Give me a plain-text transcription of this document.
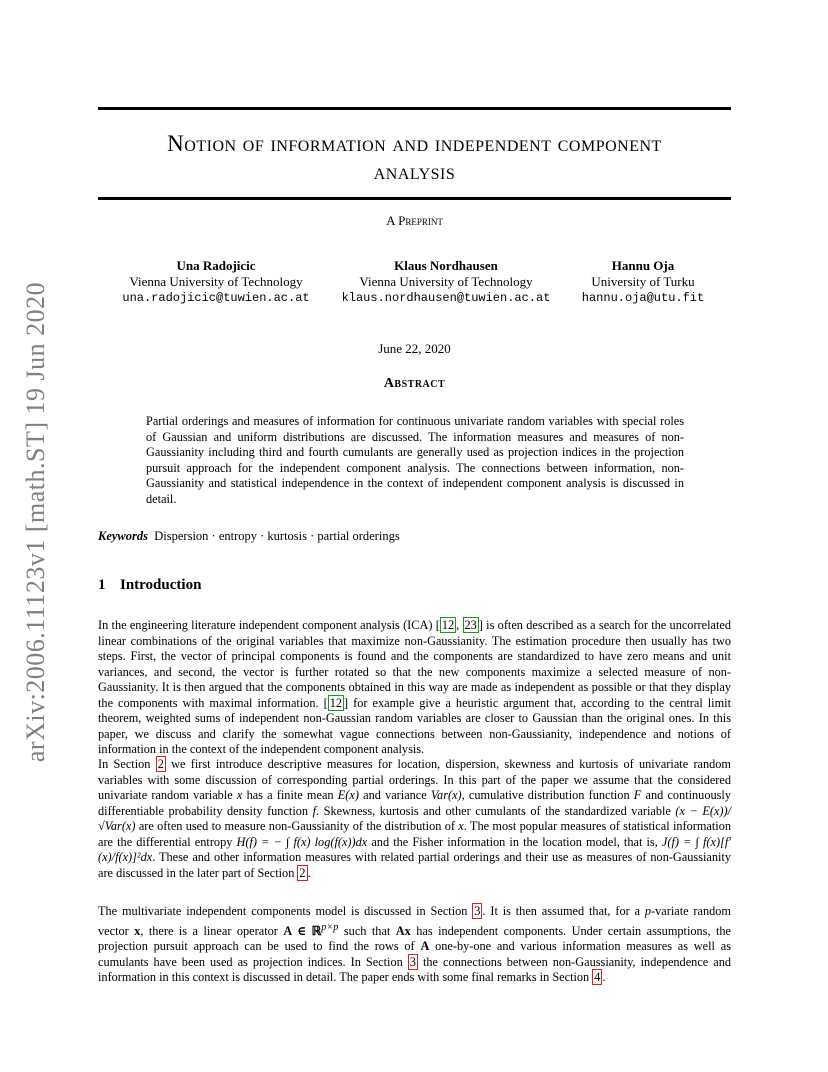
arXiv:2006.11123v1 [math.ST] 19 Jun 2020
Notion of information and independent component
analysis
A Preprint
Una Radojicic
Vienna University of Technology
una.radojicic@tuwien.ac.at
Klaus Nordhausen
Vienna University of Technology
klaus.nordhausen@tuwien.ac.at
Hannu Oja
University of Turku
hannu.oja@utu.fit
June 22, 2020
Abstract
Partial orderings and measures of information for continuous univariate random variables with special roles of Gaussian and uniform distributions are discussed. The information measures and measures of non-Gaussianity including third and fourth cumulants are generally used as projection indices in the projection pursuit approach for the independent component analysis. The connections between information, non-Gaussianity and statistical independence in the context of independent component analysis is discussed in detail.
Keywords Dispersion · entropy · kurtosis · partial orderings
1 Introduction

In the engineering literature independent component analysis (ICA) [ 12 , 23 ] is often described as a search for the uncorrelated linear combinations of the original variables that maximize non-Gaussianity. The estimation procedure then usually has two steps. First, the vector of principal components is found and the components are standardized to have zero means and unit variances, and second, the vector is further rotated so that the new components maximize a selected measure of non-Gaussianity. It is then argued that the components obtained in this way are made as independent as possible or that they display the components with maximal information. [ 12 ] for example give a heuristic argument that, according to the central limit theorem, weighted sums of independent non-Gaussian random variables are closer to Gaussian than the original ones. In this paper, we discuss and clarify the somewhat vague connections between non-Gaussianity, independence and notions of information in the context of the independent component analysis.

In Section 2 we first introduce descriptive measures for location, dispersion, skewness and kurtosis of univariate random variables with some discussion of corresponding partial orderings. In this part of the paper we assume that the considered univariate random variable x has a finite mean E(x) and variance Var(x), cumulative distribution function F and continuously differentiable probability density function f. Skewness, kurtosis and other cumulants of the standardized variable (x − E(x))/√Var(x) are often used to measure non-Gaussianity of the distribution of x. The most popular measures of statistical information are the differential entropy H(f) = − ∫ f(x) log(f(x))dx and the Fisher information in the location model, that is, J(f) = ∫ f(x)[f′(x)/f(x)]²dx. These and other information measures with related partial orderings and their use as measures of non-Gaussianity are discussed in the later part of Section 2 .

The multivariate independent components model is discussed in Section 3 . It is then assumed that, for a p-variate random vector x, there is a linear operator A ∈ ℝ$^{p\times p}$ such that Ax has independent components. Under certain assumptions, the projection pursuit approach can be used to find the rows of A one-by-one and various information measures as well as cumulants have been used as projection indices. In Section 3 the connections between non-Gaussianity, independence and information in this context is discussed in detail. The paper ends with some final remarks in Section 4 .
